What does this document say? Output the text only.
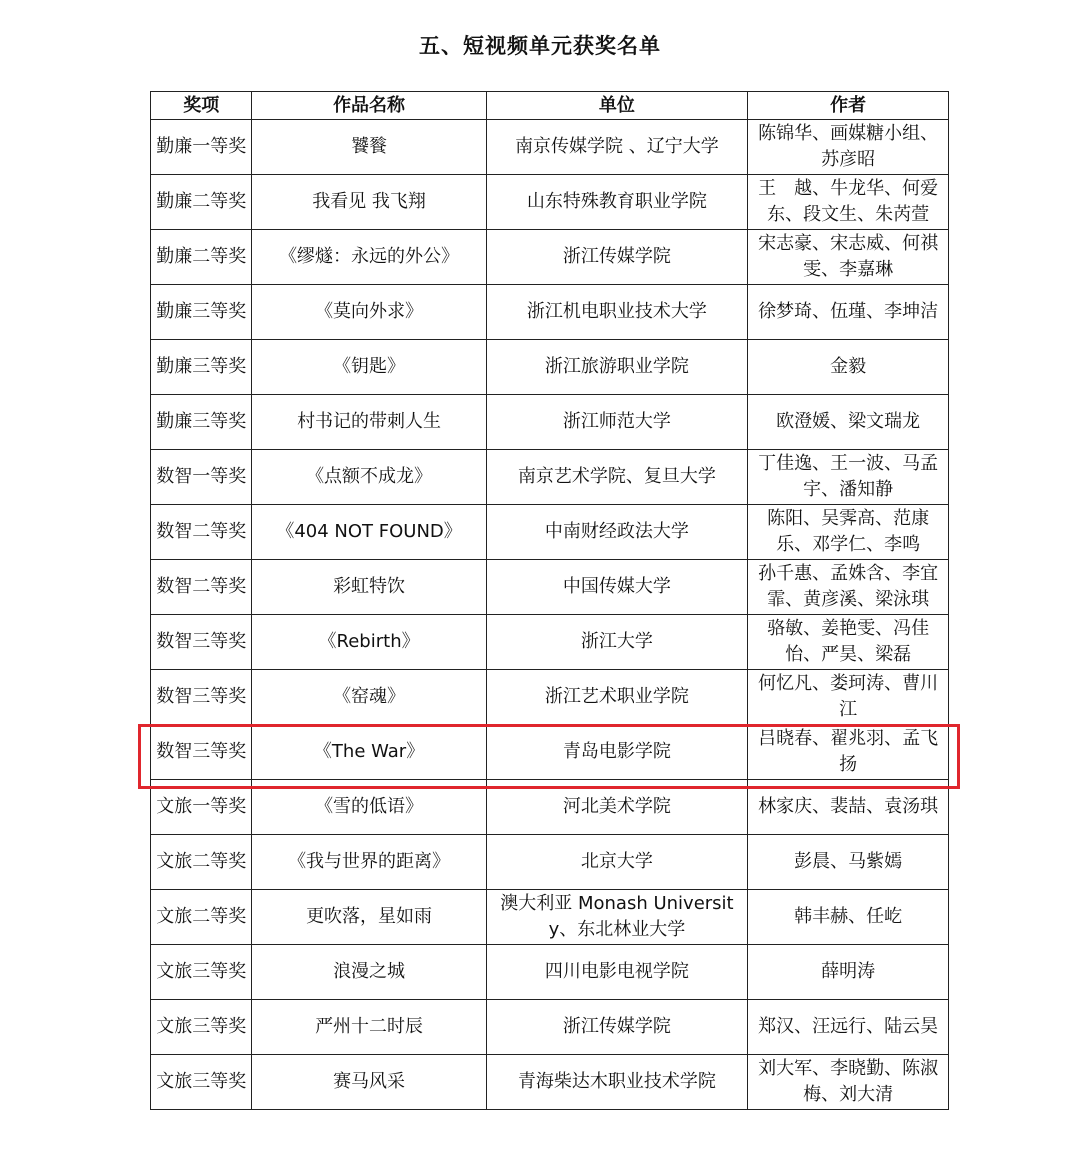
五、短视频单元获奖名单
奖项	作品名称	单位	作者
勤廉一等奖	饕餮	南京传媒学院 、辽宁大学	陈锦华、画媒糖小组、苏彦昭
勤廉二等奖	我看见 我飞翔	山东特殊教育职业学院	王　越、牛龙华、何爱东、段文生、朱芮萱
勤廉二等奖	《缪燧：永远的外公》	浙江传媒学院	宋志豪、宋志威、何祺雯、李嘉琳
勤廉三等奖	《莫向外求》	浙江机电职业技术大学	徐梦琦、伍瑾、李坤洁
勤廉三等奖	《钥匙》	浙江旅游职业学院	金毅
勤廉三等奖	村书记的带刺人生	浙江师范大学	欧澄媛、梁文瑞龙
数智一等奖	《点额不成龙》	南京艺术学院、复旦大学	丁佳逸、王一波、马孟宇、潘知静
数智二等奖	《404 NOT FOUND》	中南财经政法大学	陈阳、吴霁高、范康乐、邓学仁、李鸣
数智二等奖	彩虹特饮	中国传媒大学	孙千惠、孟姝含、李宜霏、黄彦溪、梁泳琪
数智三等奖	《Rebirth》	浙江大学	骆敏、姜艳雯、冯佳怡、严昊、梁磊
数智三等奖	《窑魂》	浙江艺术职业学院	何忆凡、娄珂涛、曹川江
数智三等奖	《The War》	青岛电影学院	吕晓春、翟兆羽、孟飞扬
文旅一等奖	《雪的低语》	河北美术学院	林家庆、裴喆、袁汤琪
文旅二等奖	《我与世界的距离》	北京大学	彭晨、马紫嫣
文旅二等奖	更吹落，星如雨	澳大利亚 Monash University、东北林业大学	韩丰赫、任屹
文旅三等奖	浪漫之城	四川电影电视学院	薛明涛
文旅三等奖	严州十二时辰	浙江传媒学院	郑汉、汪远行、陆云昊
文旅三等奖	赛马风采	青海柴达木职业技术学院	刘大军、李晓勤、陈淑梅、刘大清
